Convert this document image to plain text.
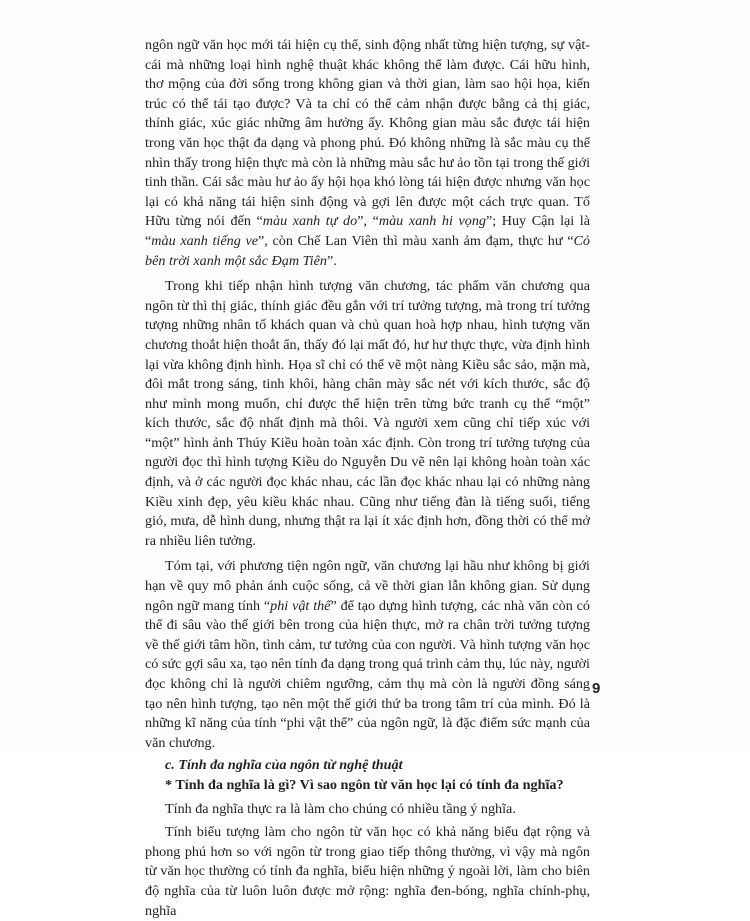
ngôn ngữ văn học mới tái hiện cụ thể, sinh động nhất từng hiện tượng, sự vật-cái mà những loại hình nghệ thuật khác không thể làm được. Cái hữu hình, thơ mộng của đời sống trong không gian và thời gian, làm sao hội họa, kiến trúc có thể tái tạo được? Và ta chỉ có thể cảm nhận được bằng cả thị giác, thính giác, xúc giác những âm hưởng ấy. Không gian màu sắc được tái hiện trong văn học thật đa dạng và phong phú. Đó không những là sắc màu cụ thể nhìn thấy trong hiện thực mà còn là những màu sắc hư ảo tồn tại trong thế giới tinh thần. Cái sắc màu hư ảo ấy hội họa khó lòng tái hiện được nhưng văn học lại có khả năng tái hiện sinh động và gợi lên được một cách trực quan. Tố Hữu từng nói đến “màu xanh tự do”, “màu xanh hi vọng”; Huy Cận lại là “màu xanh tiếng ve”, còn Chế Lan Viên thì màu xanh ảm đạm, thực hư “Cỏ bên trời xanh một sắc Đạm Tiên”.

Trong khi tiếp nhận hình tượng văn chương, tác phẩm văn chương qua ngôn từ thì thị giác, thính giác đều gắn với trí tưởng tượng, mà trong trí tưởng tượng những nhân tố khách quan và chủ quan hoà hợp nhau, hình tượng văn chương thoắt hiện thoắt ẩn, thấy đó lại mất đó, hư hư thực thực, vừa định hình lại vừa không định hình. Họa sĩ chỉ có thể vẽ một nàng Kiều sắc sảo, mặn mà, đôi mắt trong sáng, tinh khôi, hàng chân mày sắc nét với kích thước, sắc độ như mình mong muốn, chỉ được thể hiện trên từng bức tranh cụ thể “một” kích thước, sắc độ nhất định mà thôi. Và người xem cũng chỉ tiếp xúc với “một” hình ảnh Thúy Kiều hoàn toàn xác định. Còn trong trí tưởng tượng của người đọc thì hình tượng Kiều do Nguyễn Du vẽ nên lại không hoàn toàn xác định, và ở các người đọc khác nhau, các lần đọc khác nhau lại có những nàng Kiều xinh đẹp, yêu kiều khác nhau. Cũng như tiếng đàn là tiếng suối, tiếng gió, mưa, dễ hình dung, nhưng thật ra lại ít xác định hơn, đồng thời có thể mở ra nhiều liên tưởng.

Tóm tại, với phương tiện ngôn ngữ, văn chương lại hầu như không bị giới hạn về quy mô phản ánh cuộc sống, cả về thời gian lẫn không gian. Sử dụng ngôn ngữ mang tính “phi vật thể” để tạo dựng hình tượng, các nhà văn còn có thể đi sâu vào thế giới bên trong của hiện thực, mở ra chân trời tưởng tượng về thế giới tâm hồn, tình cảm, tư tưởng của con người. Và hình tượng văn học có sức gợi sâu xa, tạo nên tính đa dạng trong quá trình cảm thụ, lúc này, người đọc không chỉ là người chiêm ngưỡng, cảm thụ mà còn là người đồng sáng tạo nên hình tượng, tạo nên một thế giới thứ ba trong tâm trí của mình. Đó là những kĩ năng của tính “phi vật thể” của ngôn ngữ, là đặc điểm sức mạnh của văn chương.

c. Tính đa nghĩa của ngôn từ nghệ thuật

* Tính đa nghĩa là gì? Vì sao ngôn từ văn học lại có tính đa nghĩa?

Tính đa nghĩa thực ra là làm cho chúng có nhiều tầng ý nghĩa.

Tính biểu tượng làm cho ngôn từ văn học có khả năng biểu đạt rộng và phong phú hơn so với ngôn từ trong giao tiếp thông thường, vì vậy mà ngôn từ văn học thường có tính đa nghĩa, biểu hiện những ý ngoài lời, làm cho biên độ nghĩa của từ luôn luôn được mở rộng: nghĩa đen-bóng, nghĩa chính-phụ, nghĩa

9
